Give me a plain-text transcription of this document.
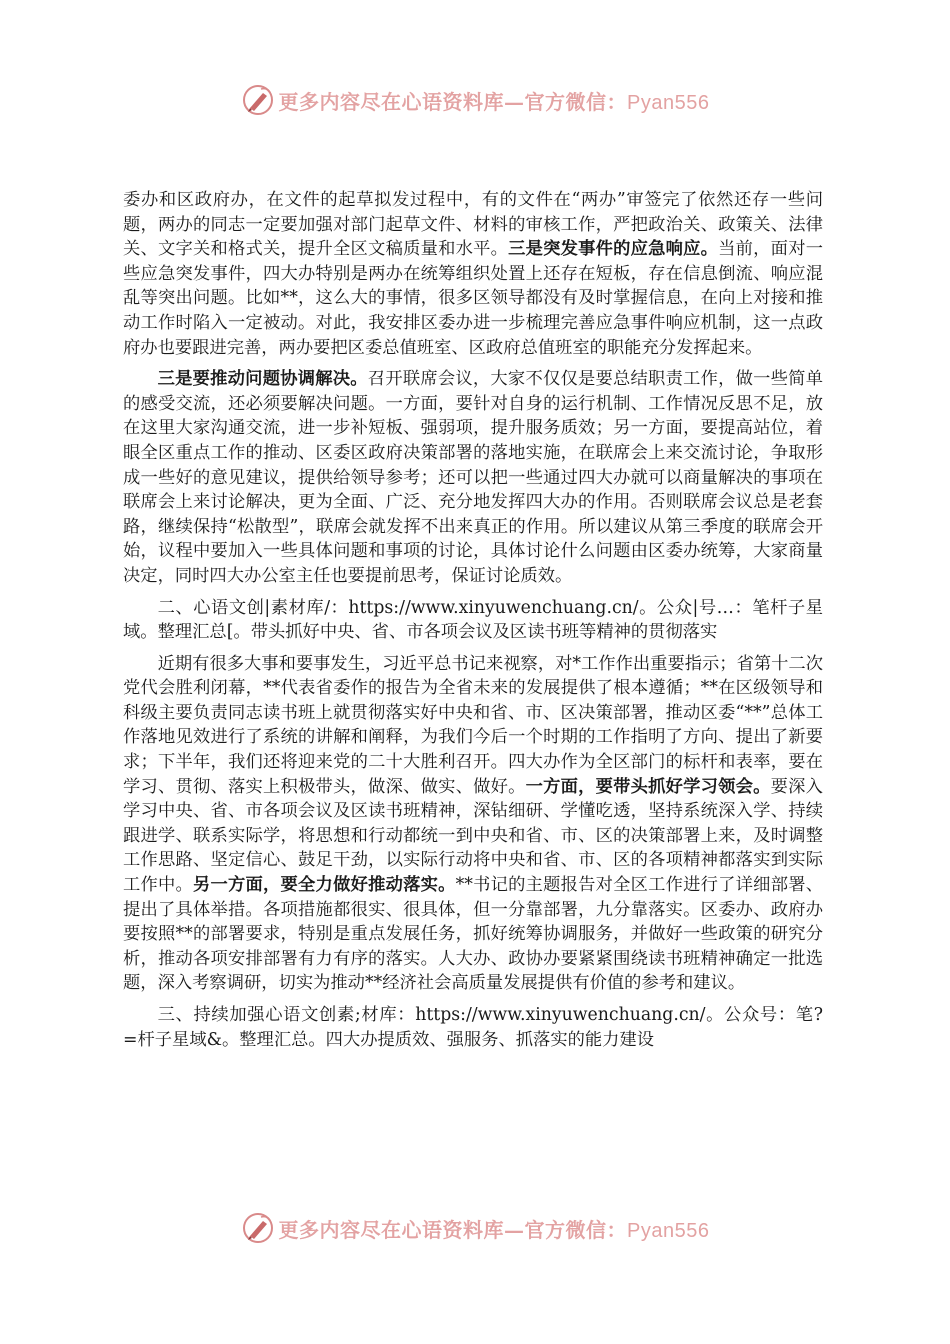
更多内容尽在心语资料库—官方微信：Pyan556

委办和区政府办，在文件的起草拟发过程中，有的文件在“两办”审签完了依然还存一些问题，两办的同志一定要加强对部门起草文件、材料的审核工作，严把政治关、政策关、法律关、文字关和格式关，提升全区文稿质量和水平。三是突发事件的应急响应。当前，面对一些应急突发事件，四大办特别是两办在统筹组织处置上还存在短板，存在信息倒流、响应混乱等突出问题。比如**，这么大的事情，很多区领导都没有及时掌握信息，在向上对接和推动工作时陷入一定被动。对此，我安排区委办进一步梳理完善应急事件响应机制，这一点政府办也要跟进完善，两办要把区委总值班室、区政府总值班室的职能充分发挥起来。

三是要推动问题协调解决。召开联席会议，大家不仅仅是要总结职责工作，做一些简单的感受交流，还必须要解决问题。一方面，要针对自身的运行机制、工作情况反思不足，放在这里大家沟通交流，进一步补短板、强弱项，提升服务质效；另一方面，要提高站位，着眼全区重点工作的推动、区委区政府决策部署的落地实施，在联席会上来交流讨论，争取形成一些好的意见建议，提供给领导参考；还可以把一些通过四大办就可以商量解决的事项在联席会上来讨论解决，更为全面、广泛、充分地发挥四大办的作用。否则联席会议总是老套路，继续保持“松散型”，联席会就发挥不出来真正的作用。所以建议从第三季度的联席会开始，议程中要加入一些具体问题和事项的讨论，具体讨论什么问题由区委办统筹，大家商量决定，同时四大办公室主任也要提前思考，保证讨论质效。

二、心语文创|素材库/：https://www.xinyuwenchuang.cn/。公众|号…：笔杆子星域。整理汇总[。带头抓好中央、省、市各项会议及区读书班等精神的贯彻落实

近期有很多大事和要事发生，习近平总书记来视察，对*工作作出重要指示；省第十二次党代会胜利闭幕，**代表省委作的报告为全省未来的发展提供了根本遵循；**在区级领导和科级主要负责同志读书班上就贯彻落实好中央和省、市、区决策部署，推动区委“**”总体工作落地见效进行了系统的讲解和阐释，为我们今后一个时期的工作指明了方向、提出了新要求；下半年，我们还将迎来党的二十大胜利召开。四大办作为全区部门的标杆和表率，要在学习、贯彻、落实上积极带头，做深、做实、做好。一方面，要带头抓好学习领会。要深入学习中央、省、市各项会议及区读书班精神，深钻细研、学懂吃透，坚持系统深入学、持续跟进学、联系实际学，将思想和行动都统一到中央和省、市、区的决策部署上来，及时调整工作思路、坚定信心、鼓足干劲，以实际行动将中央和省、市、区的各项精神都落实到实际工作中。另一方面，要全力做好推动落实。**书记的主题报告对全区工作进行了详细部署、提出了具体举措。各项措施都很实、很具体，但一分靠部署，九分靠落实。区委办、政府办要按照**的部署要求，特别是重点发展任务，抓好统筹协调服务，并做好一些政策的研究分析，推动各项安排部署有力有序的落实。人大办、政协办要紧紧围绕读书班精神确定一批选题，深入考察调研，切实为推动**经济社会高质量发展提供有价值的参考和建议。

三、持续加强心语文创素;材库：https://www.xinyuwenchuang.cn/。公众号：笔?=杆子星域&。整理汇总。四大办提质效、强服务、抓落实的能力建设

更多内容尽在心语资料库—官方微信：Pyan556
